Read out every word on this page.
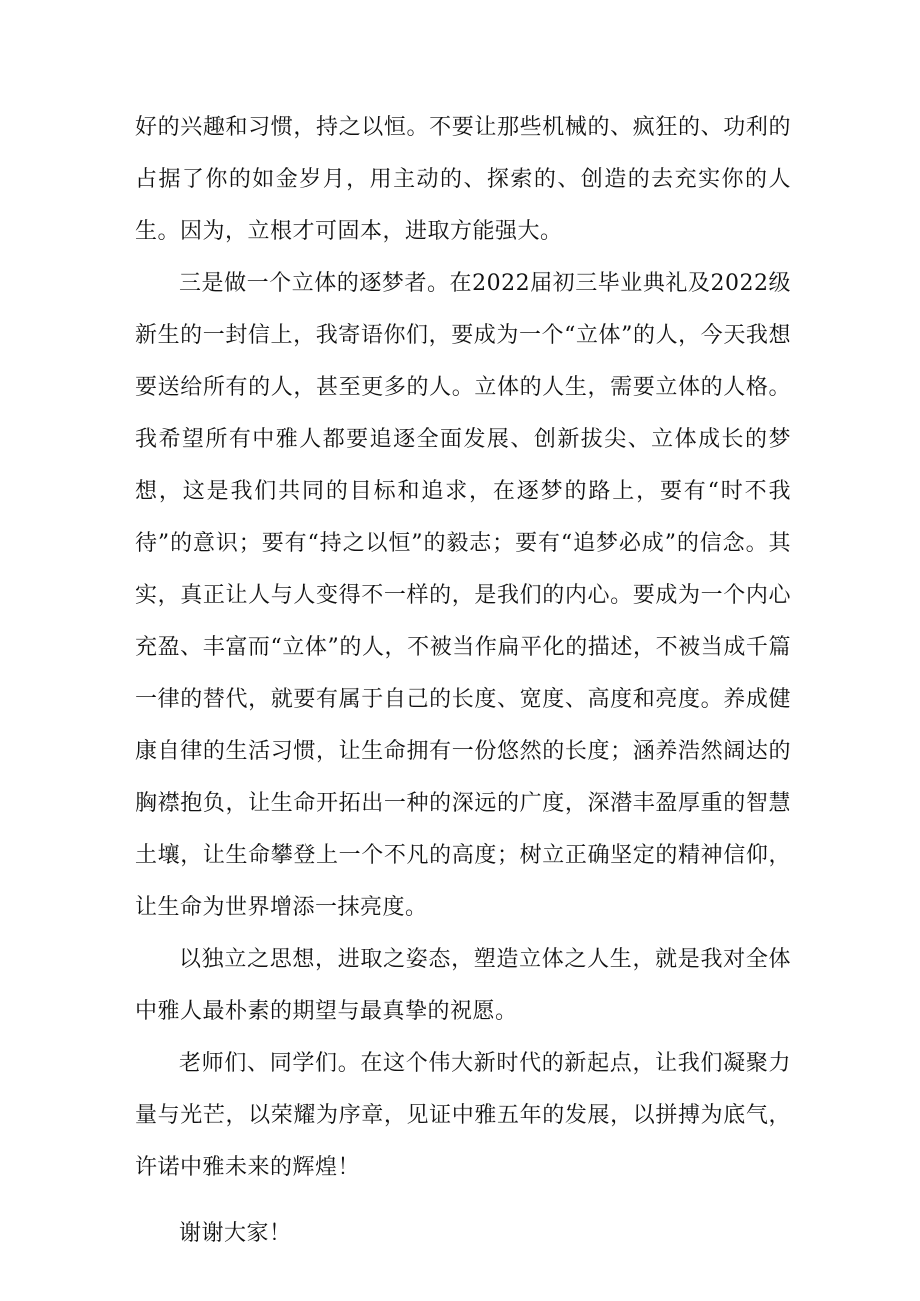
好的兴趣和习惯，持之以恒。不要让那些机械的、疯狂的、功利的占据了你的如金岁月，用主动的、探索的、创造的去充实你的人生。因为，立根才可固本，进取方能强大。

三是做一个立体的逐梦者。在2022届初三毕业典礼及2022级新生的一封信上，我寄语你们，要成为一个“立体”的人，今天我想要送给所有的人，甚至更多的人。立体的人生，需要立体的人格。我希望所有中雅人都要追逐全面发展、创新拔尖、立体成长的梦想，这是我们共同的目标和追求，在逐梦的路上，要有“时不我待”的意识；要有“持之以恒”的毅志；要有“追梦必成”的信念。其实，真正让人与人变得不一样的，是我们的内心。要成为一个内心充盈、丰富而“立体”的人，不被当作扁平化的描述，不被当成千篇一律的替代，就要有属于自己的长度、宽度、高度和亮度。养成健康自律的生活习惯，让生命拥有一份悠然的长度；涵养浩然阔达的胸襟抱负，让生命开拓出一种的深远的广度，深潜丰盈厚重的智慧土壤，让生命攀登上一个不凡的高度；树立正确坚定的精神信仰，让生命为世界增添一抹亮度。

以独立之思想，进取之姿态，塑造立体之人生，就是我对全体中雅人最朴素的期望与最真挚的祝愿。

老师们、同学们。在这个伟大新时代的新起点，让我们凝聚力量与光芒，以荣耀为序章，见证中雅五年的发展，以拼搏为底气，许诺中雅未来的辉煌！

谢谢大家！
